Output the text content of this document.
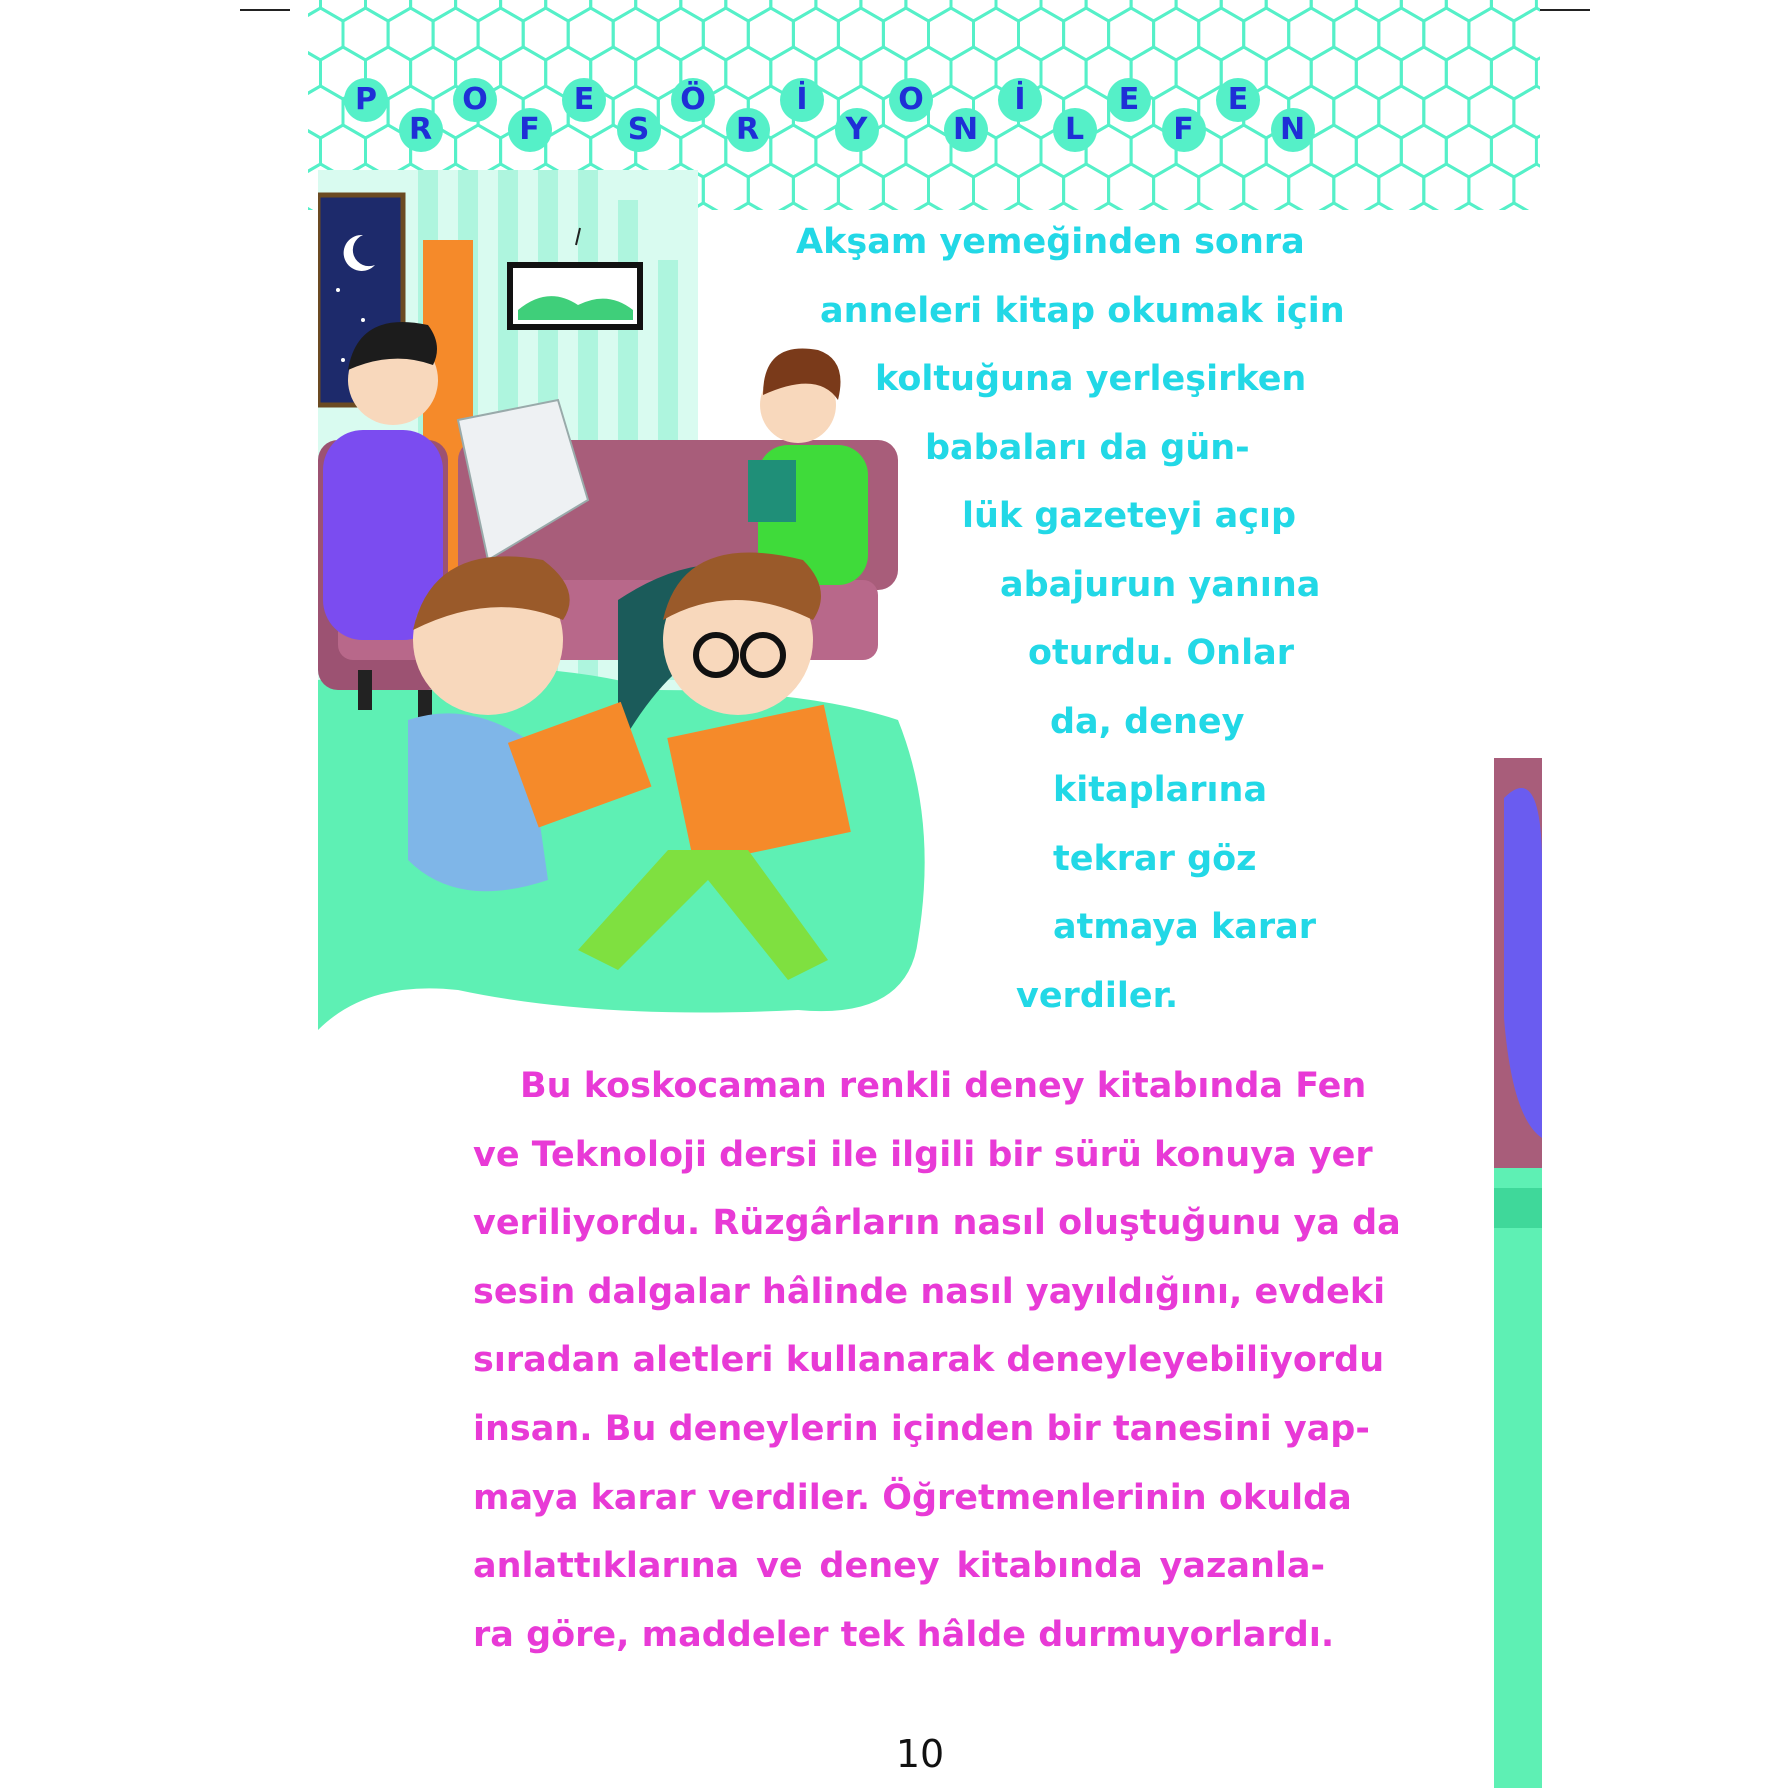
P
R
O
F
E
S
Ö
R
İ
Y
O
N
İ
L
E
F
E
N
Akşam yemeğinden sonra
anneleri kitap okumak için
koltuğuna yerleşirken
babaları da gün-
lük gazeteyi açıp
abajurun yanına
oturdu. Onlar
da, deney
kitaplarına
tekrar göz
atmaya karar
verdiler.
Bu koskocaman renkli deney kitabında Fen
ve Teknoloji dersi ile ilgili bir sürü konuya yer
veriliyordu. Rüzgârların nasıl oluştuğunu ya da
sesin dalgalar hâlinde nasıl yayıldığını, evdeki
sıradan aletleri kullanarak deneyleyebiliyordu
insan. Bu deneylerin içinden bir tanesini yap-
maya karar verdiler. Öğretmenlerinin okulda
anlattıklarına ve deney kitabında yazanla-
ra göre, maddeler tek hâlde durmuyorlardı.
10
